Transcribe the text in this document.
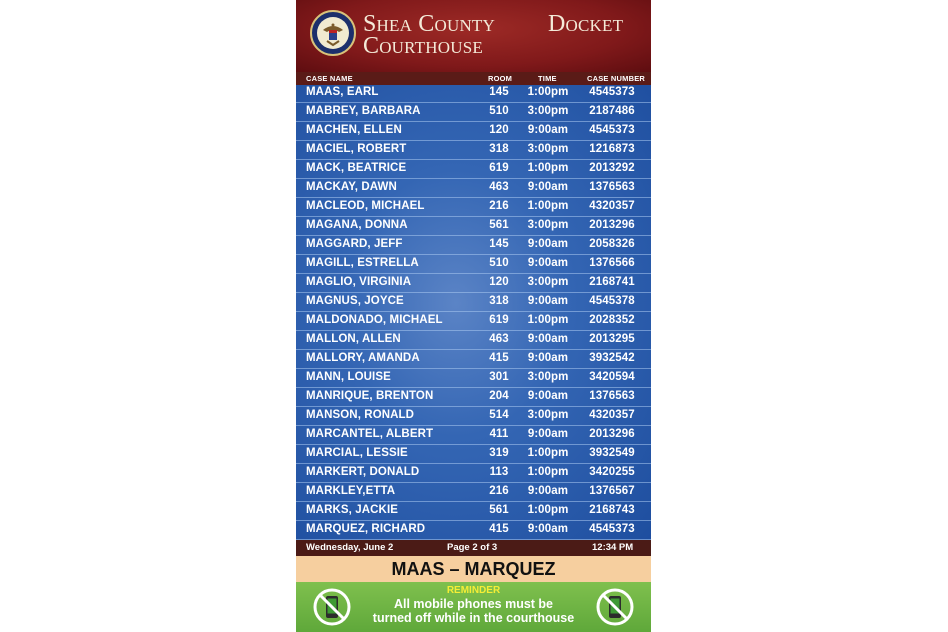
Shea County
Courthouse
Docket
CASE NAME	ROOM	TIME	CASE NUMBER
MAAS, EARL	145	1:00pm	4545373
MABREY, BARBARA	510	3:00pm	2187486
MACHEN, ELLEN	120	9:00am	4545373
MACIEL, ROBERT	318	3:00pm	1216873
MACK, BEATRICE	619	1:00pm	2013292
MACKAY, DAWN	463	9:00am	1376563
MACLEOD, MICHAEL	216	1:00pm	4320357
MAGANA, DONNA	561	3:00pm	2013296
MAGGARD, JEFF	145	9:00am	2058326
MAGILL, ESTRELLA	510	9:00am	1376566
MAGLIO, VIRGINIA	120	3:00pm	2168741
MAGNUS, JOYCE	318	9:00am	4545378
MALDONADO, MICHAEL	619	1:00pm	2028352
MALLON, ALLEN	463	9:00am	2013295
MALLORY, AMANDA	415	9:00am	3932542
MANN, LOUISE	301	3:00pm	3420594
MANRIQUE, BRENTON	204	9:00am	1376563
MANSON, RONALD	514	3:00pm	4320357
MARCANTEL, ALBERT	411	9:00am	2013296
MARCIAL, LESSIE	319	1:00pm	3932549
MARKERT, DONALD	113	1:00pm	3420255
MARKLEY,ETTA	216	9:00am	1376567
MARKS, JACKIE	561	1:00pm	2168743
MARQUEZ, RICHARD	415	9:00am	4545373
Wednesday, June 2	Page 2 of 3	12:34 PM
MAAS – MARQUEZ
REMINDER
All mobile phones must be
turned off while in the courthouse
